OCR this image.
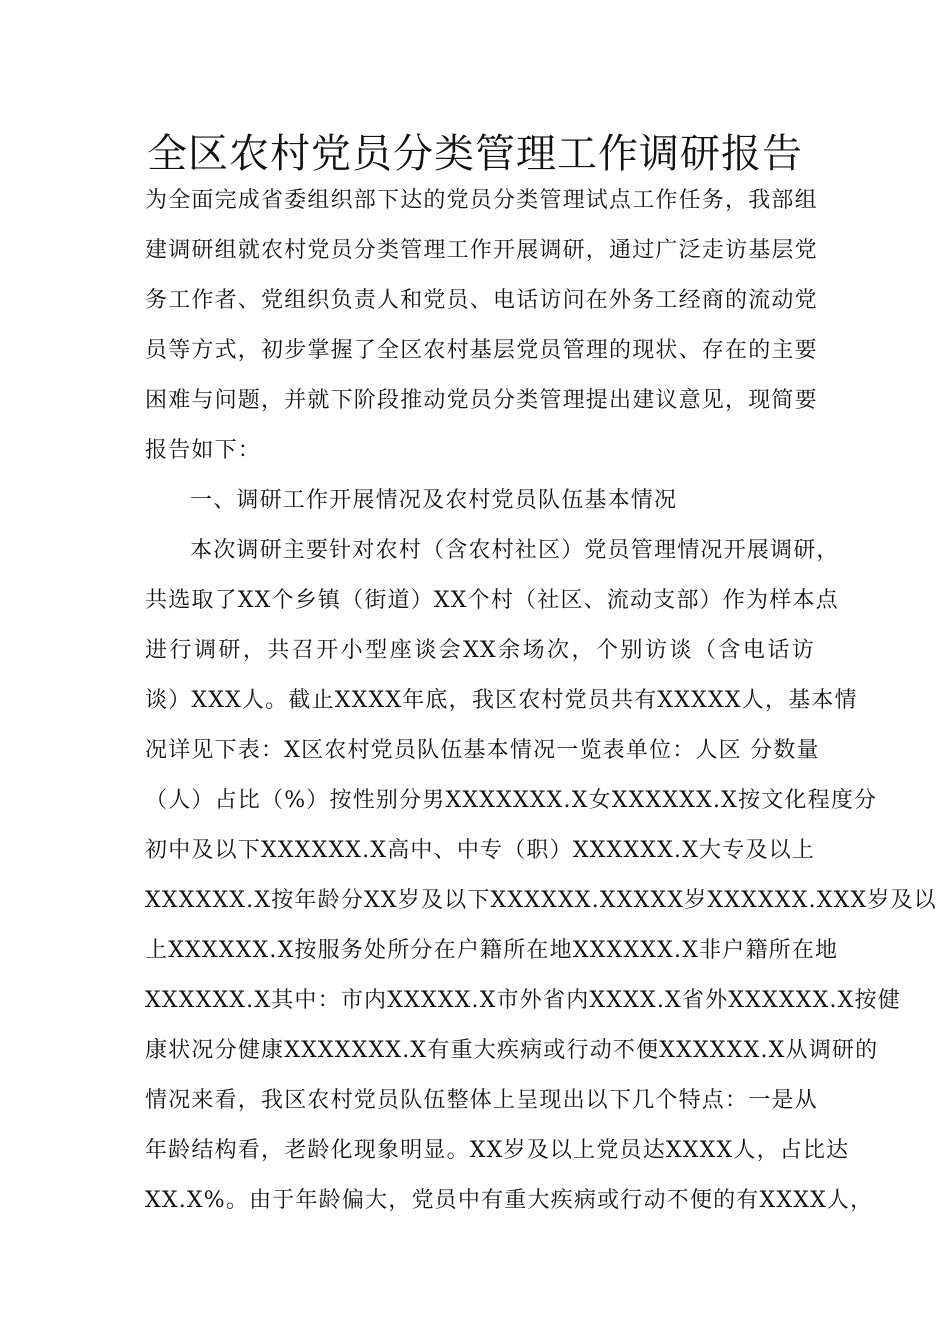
全区农村党员分类管理工作调研报告
为全面完成省委组织部下达的党员分类管理试点工作任务，我部组
建调研组就农村党员分类管理工作开展调研，通过广泛走访基层党
务工作者、党组织负责人和党员、电话访问在外务工经商的流动党
员等方式，初步掌握了全区农村基层党员管理的现状、存在的主要
困难与问题，并就下阶段推动党员分类管理提出建议意见，现简要
报告如下：
一、调研工作开展情况及农村党员队伍基本情况
本次调研主要针对农村（含农村社区）党员管理情况开展调研，
共选取了XX个乡镇（街道）XX个村（社区、流动支部）作为样本点
进行调研，共召开小型座谈会XX余场次，个别访谈（含电话访
谈）XXX人。截止XXXX年底，我区农村党员共有XXXXX人，基本情
况详见下表：X区农村党员队伍基本情况一览表单位：人区 分数量
（人）占比（%）按性别分男XXXXXXX.X女XXXXXX.X按文化程度分
初中及以下XXXXXX.X高中、中专（职）XXXXXX.X大专及以上
XXXXXX.X按年龄分XX岁及以下XXXXXX.XXXXX岁XXXXXX.XXX岁及以
上XXXXXX.X按服务处所分在户籍所在地XXXXXX.X非户籍所在地
XXXXXX.X其中：市内XXXXX.X市外省内XXXX.X省外XXXXXX.X按健
康状况分健康XXXXXXX.X有重大疾病或行动不便XXXXXX.X从调研的
情况来看，我区农村党员队伍整体上呈现出以下几个特点：一是从
年龄结构看，老龄化现象明显。XX岁及以上党员达XXXX人，占比达
XX.X%。由于年龄偏大，党员中有重大疾病或行动不便的有XXXX人，
